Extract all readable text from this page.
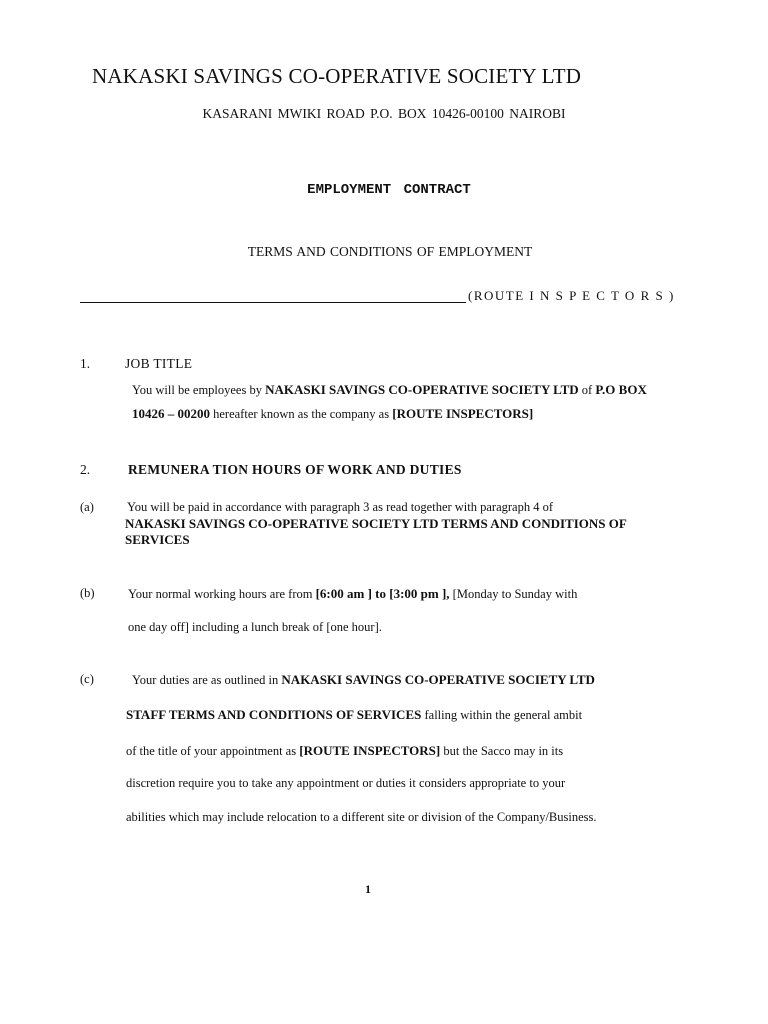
NAKASKI SAVINGS CO-OPERATIVE SOCIETY LTD
KASARANI MWIKI ROAD P.O. BOX 10426-00100 NAIROBI
EMPLOYMENT CONTRACT
TERMS AND CONDITIONS OF EMPLOYMENT
(ROUTE I N S P E C T O R S )
1.	JOB TITLE
You will be employees by NAKASKI SAVINGS CO-OPERATIVE SOCIETY LTD of P.O BOX
10426 – 00200 hereafter known as the company as [ROUTE INSPECTORS]
2.	REMUNERA TION HOURS OF WORK AND DUTIES
(a)	You will be paid in accordance with paragraph 3 as read together with paragraph 4 of
NAKASKI SAVINGS CO-OPERATIVE SOCIETY LTD TERMS AND CONDITIONS OF
SERVICES
(b)	Your normal working hours are from [6:00 am ] to [3:00 pm ], [Monday to Sunday with
one day off] including a lunch break of [one hour].
(c)	Your duties are as outlined in NAKASKI SAVINGS CO-OPERATIVE SOCIETY LTD
STAFF TERMS AND CONDITIONS OF SERVICES falling within the general ambit
of the title of your appointment as [ROUTE INSPECTORS] but the Sacco may in its
discretion require you to take any appointment or duties it considers appropriate to your
abilities which may include relocation to a different site or division of the Company/Business.
1
